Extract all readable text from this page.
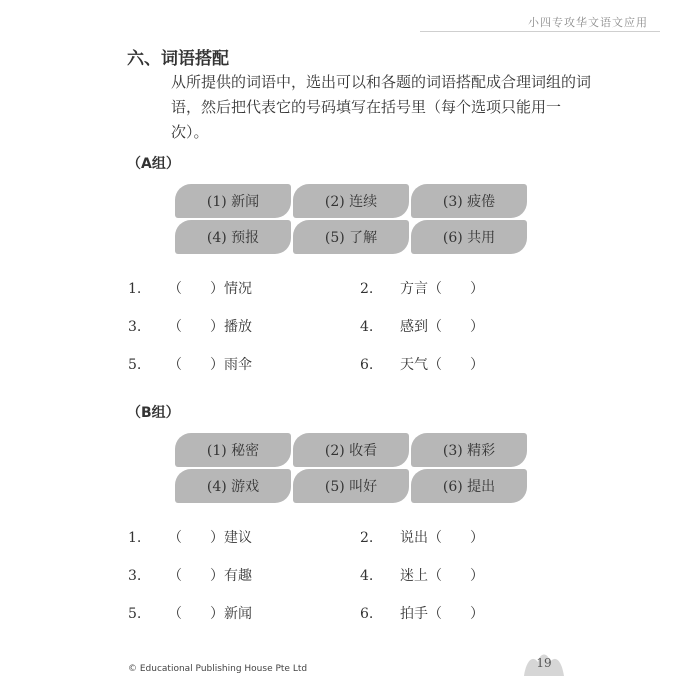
小四专攻华文语文应用
六、词语搭配
从所提供的词语中，选出可以和各题的词语搭配成合理词组的词语，然后把代表它的号码填写在括号里（每个选项只能用一次）。
（A组）
(1) 新闻	(2) 连续	(3) 疲倦
(4) 预报	(5) 了解	(6) 共用
1. （　　）情况	2. 方言（　　）
3. （　　）播放	4. 感到（　　）
5. （　　）雨伞	6. 天气（　　）
（B组）
(1) 秘密	(2) 收看	(3) 精彩
(4) 游戏	(5) 叫好	(6) 提出
1. （　　）建议	2. 说出（　　）
3. （　　）有趣	4. 迷上（　　）
5. （　　）新闻	6. 拍手（　　）
© Educational Publishing House Pte Ltd	19
